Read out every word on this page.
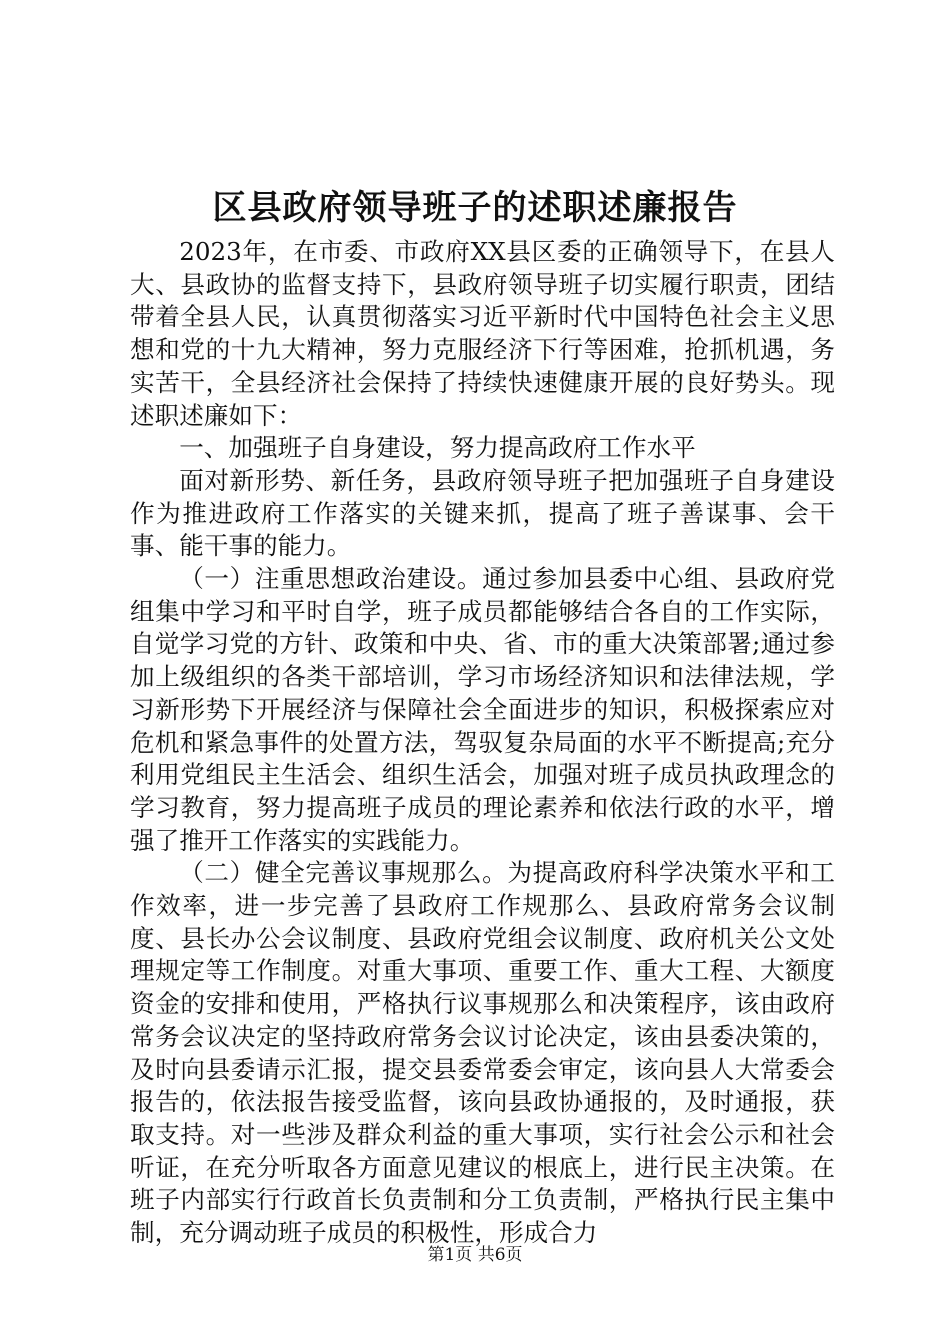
区县政府领导班子的述职述廉报告

2023年，在市委、市政府XX县区委的正确领导下，在县人大、县政协的监督支持下，县政府领导班子切实履行职责，团结带着全县人民，认真贯彻落实习近平新时代中国特色社会主义思想和党的十九大精神，努力克服经济下行等困难，抢抓机遇，务实苦干，全县经济社会保持了持续快速健康开展的良好势头。现述职述廉如下：

一、加强班子自身建设，努力提高政府工作水平

面对新形势、新任务，县政府领导班子把加强班子自身建设作为推进政府工作落实的关键来抓，提高了班子善谋事、会干事、能干事的能力。

（一）注重思想政治建设。通过参加县委中心组、县政府党组集中学习和平时自学，班子成员都能够结合各自的工作实际，自觉学习党的方针、政策和中央、省、市的重大决策部署;通过参加上级组织的各类干部培训，学习市场经济知识和法律法规，学习新形势下开展经济与保障社会全面进步的知识，积极探索应对危机和紧急事件的处置方法，驾驭复杂局面的水平不断提高;充分利用党组民主生活会、组织生活会，加强对班子成员执政理念的学习教育，努力提高班子成员的理论素养和依法行政的水平，增强了推开工作落实的实践能力。

（二）健全完善议事规那么。为提高政府科学决策水平和工作效率，进一步完善了县政府工作规那么、县政府常务会议制度、县长办公会议制度、县政府党组会议制度、政府机关公文处理规定等工作制度。对重大事项、重要工作、重大工程、大额度资金的安排和使用，严格执行议事规那么和决策程序，该由政府常务会议决定的坚持政府常务会议讨论决定，该由县委决策的，及时向县委请示汇报，提交县委常委会审定，该向县人大常委会报告的，依法报告接受监督，该向县政协通报的，及时通报，获取支持。对一些涉及群众利益的重大事项，实行社会公示和社会听证，在充分听取各方面意见建议的根底上，进行民主决策。在班子内部实行行政首长负责制和分工负责制，严格执行民主集中制，充分调动班子成员的积极性，形成合力

第1页 共6页
